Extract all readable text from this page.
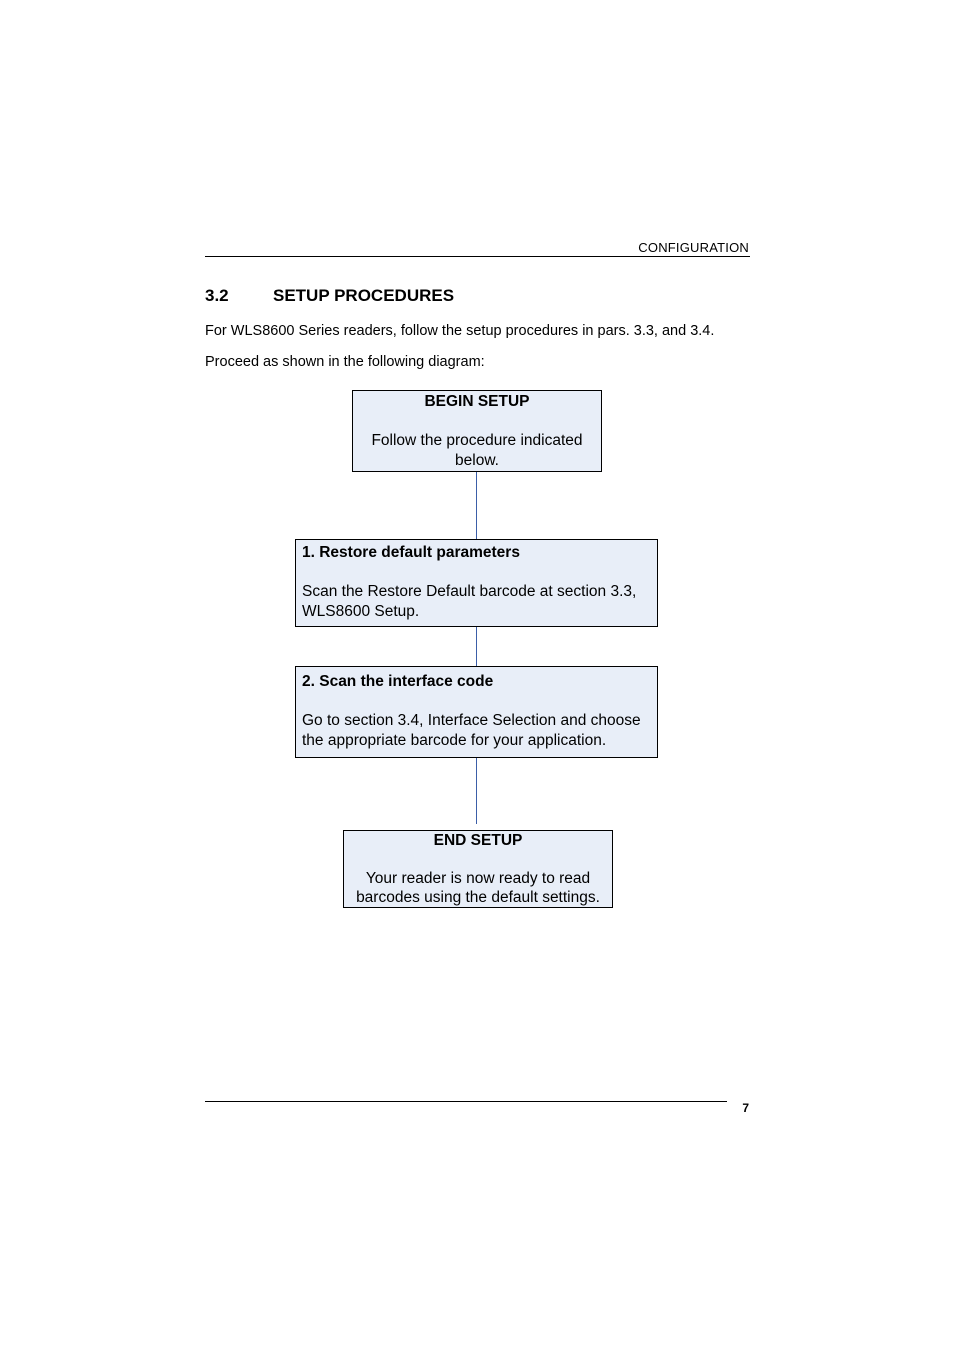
CONFIGURATION
3.2	SETUP PROCEDURES
For WLS8600 Series readers, follow the setup procedures in pars. 3.3, and 3.4.
Proceed as shown in the following diagram:
BEGIN SETUP
Follow the procedure indicated below.
1. Restore default parameters
Scan the Restore Default barcode at section 3.3, WLS8600 Setup.
2. Scan the interface code
Go to section 3.4, Interface Selection and choose the appropriate barcode for your application.
END SETUP
Your reader is now ready to read barcodes using the default settings.
7
